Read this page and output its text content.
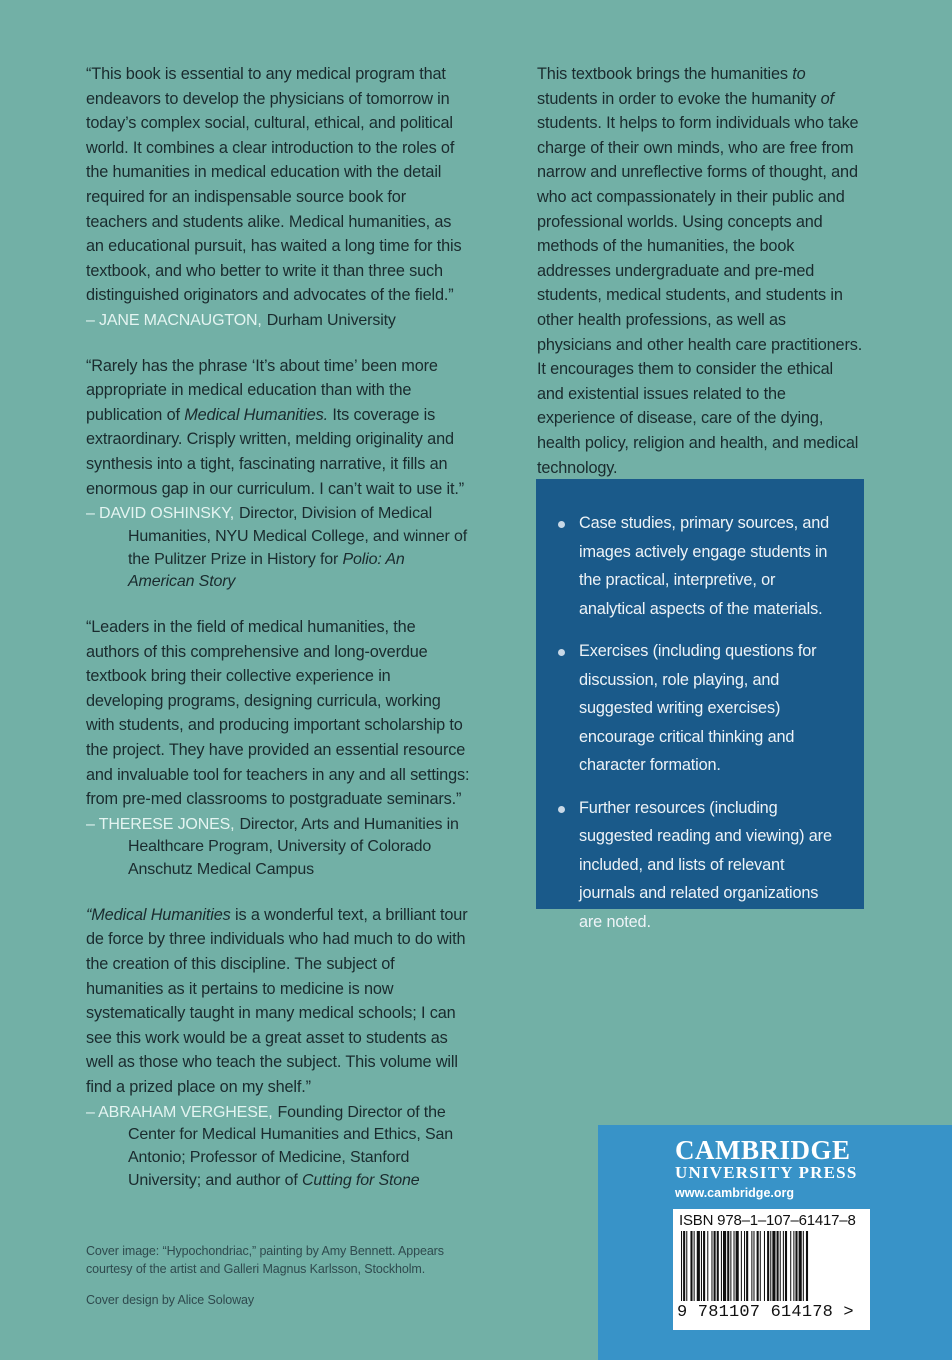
“This book is essential to any medical program that endeavors to develop the physicians of tomorrow in today’s complex social, cultural, ethical, and political world. It combines a clear introduction to the roles of the humanities in medical education with the detail required for an indispensable source book for teachers and students alike. Medical humanities, as an educational pursuit, has waited a long time for this textbook, and who better to write it than three such distinguished originators and advocates of the field.”

– JANE MACNAUGTON, Durham University

“Rarely has the phrase ‘It’s about time’ been more appropriate in medical education than with the publication of Medical Humanities. Its coverage is extraordinary. Crisply written, melding originality and synthesis into a tight, fascinating narrative, it fills an enormous gap in our curriculum. I can’t wait to use it.”

– DAVID OSHINSKY, Director, Division of Medical Humanities, NYU Medical College, and winner of the Pulitzer Prize in History for Polio: An American Story

“Leaders in the field of medical humanities, the authors of this comprehensive and long-overdue textbook bring their collective experience in developing programs, designing curricula, working with students, and producing important scholarship to the project. They have provided an essential resource and invaluable tool for teachers in any and all settings: from pre-med classrooms to postgraduate seminars.”

– THERESE JONES, Director, Arts and Humanities in Healthcare Program, University of Colorado Anschutz Medical Campus

“Medical Humanities is a wonderful text, a brilliant tour de force by three individuals who had much to do with the creation of this discipline. The subject of humanities as it pertains to medicine is now systematically taught in many medical schools; I can see this work would be a great asset to students as well as those who teach the subject. This volume will find a prized place on my shelf.”

– ABRAHAM VERGHESE, Founding Director of the Center for Medical Humanities and Ethics, San Antonio; Professor of Medicine, Stanford University; and author of Cutting for Stone

This textbook brings the humanities to students in order to evoke the humanity of students. It helps to form individuals who take charge of their own minds, who are free from narrow and unreflective forms of thought, and who act compassionately in their public and professional worlds. Using concepts and methods of the humanities, the book addresses undergraduate and pre-med students, medical students, and students in other health professions, as well as physicians and other health care practitioners. It encourages them to consider the ethical and existential issues related to the experience of disease, care of the dying, health policy, religion and health, and medical technology.

Case studies, primary sources, and images actively engage students in the practical, interpretive, or analytical aspects of the materials.
Exercises (including questions for discussion, role playing, and suggested writing exercises) encourage critical thinking and character formation.
Further resources (including suggested reading and viewing) are included, and lists of relevant journals and related organizations are noted.
Cover image: “Hypochondriac,” painting by Amy Bennett. Appears courtesy of the artist and Galleri Magnus Karlsson, Stockholm.
Cover design by Alice Soloway
CAMBRIDGE
UNIVERSITY PRESS
www.cambridge.org
ISBN 978–1–107–61417–8
9 781107 614178 >
